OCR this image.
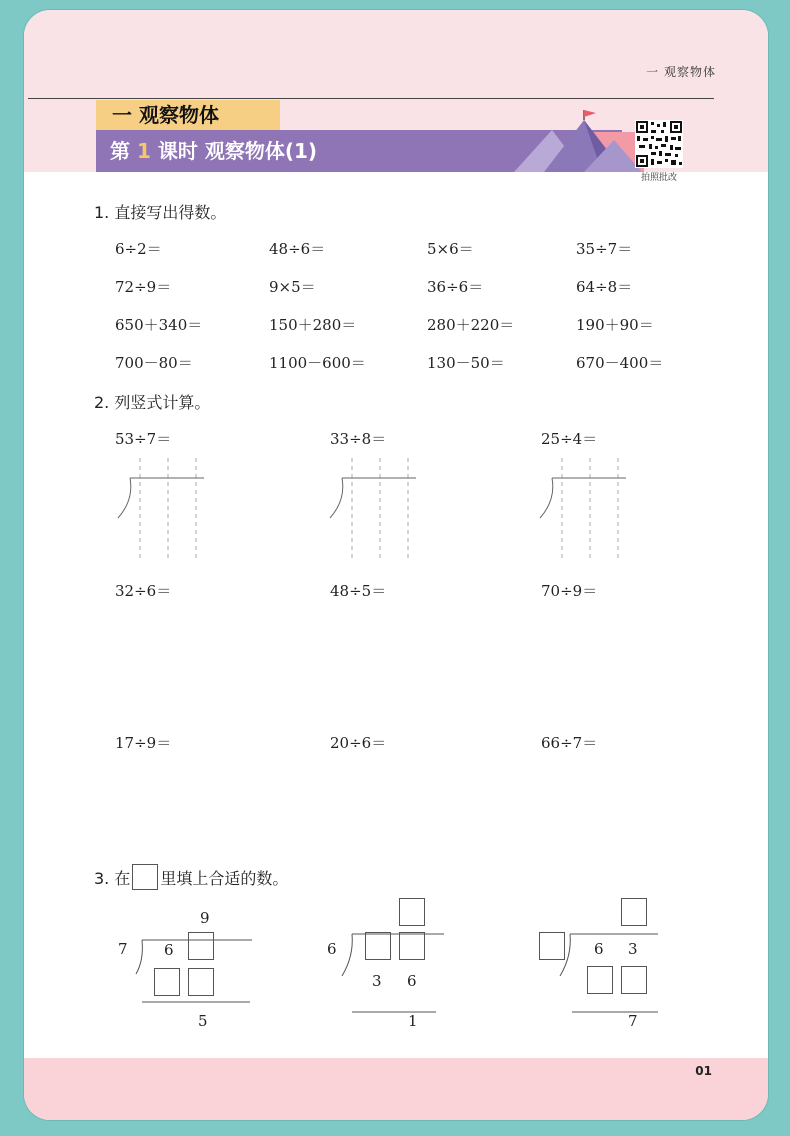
一 观察物体
一 观察物体
第 1 课时 观察物体(1)
拍照批改
1. 直接写出得数。
6÷2＝	48÷6＝	5×6＝	35÷7＝
72÷9＝	9×5＝	36÷6＝	64÷8＝
650＋340＝	150＋280＝	280＋220＝	190＋90＝
700－80＝	1100－600＝	130－50＝	670－400＝
2. 列竖式计算。
53÷7＝	33÷8＝	25÷4＝
32÷6＝	48÷5＝	70÷9＝
17÷9＝	20÷6＝	66÷7＝
3. 在 里填上合适的数。
9
7 6
5
6
3 6
1
6 3
7
01
